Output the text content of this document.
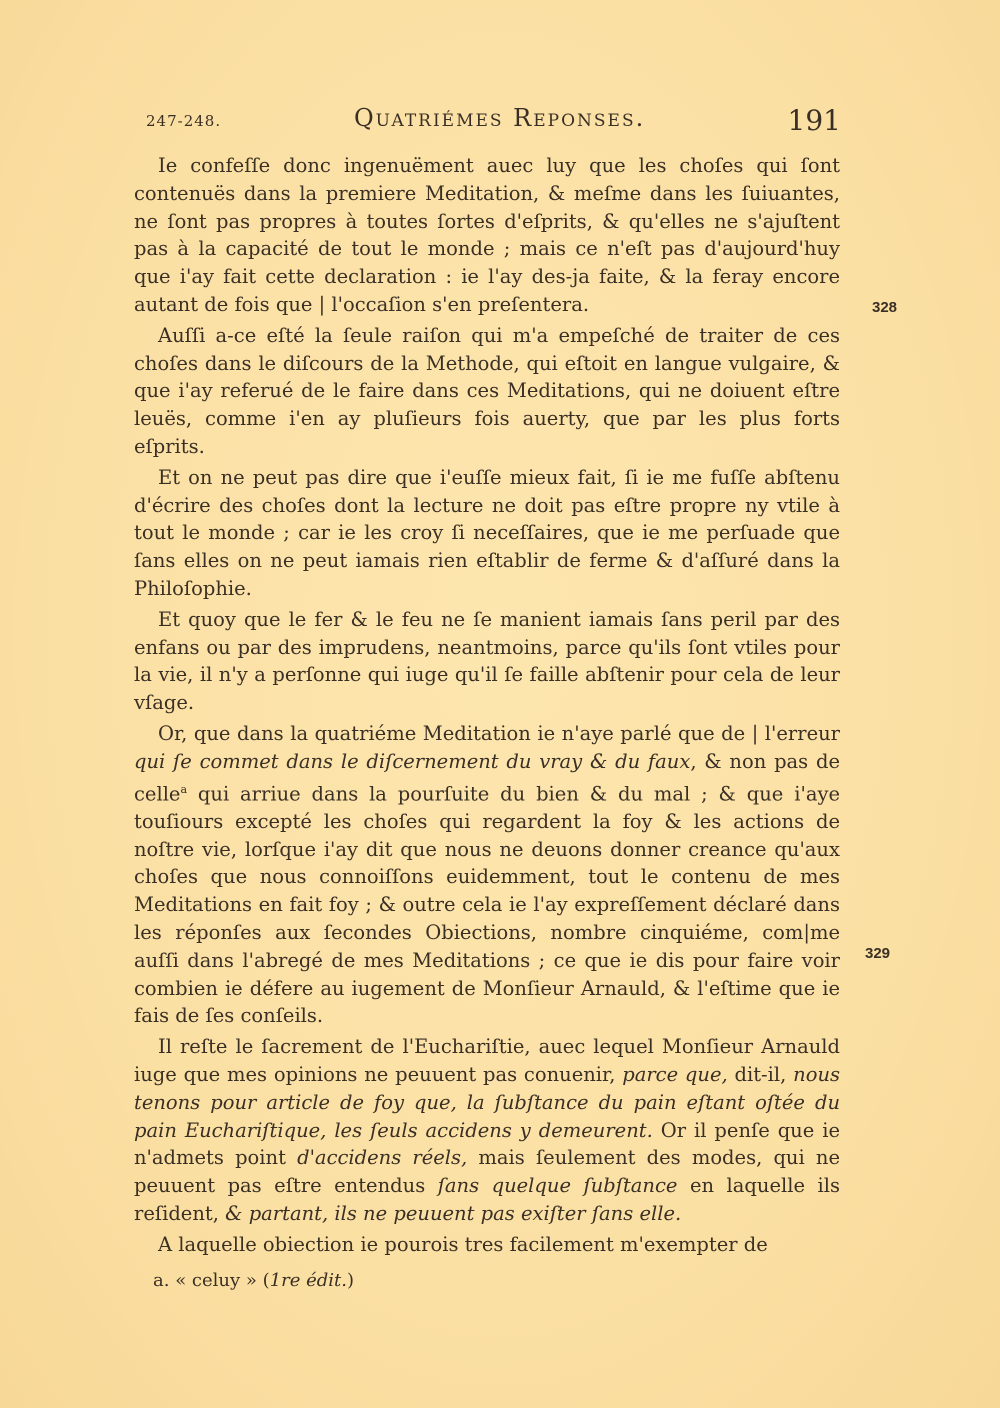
247-248.	Quatriémes Reponses.	191

Ie confeſſe donc ingenuëment auec luy que les choſes qui ſont contenuës dans la premiere Meditation, & meſme dans les ſuiuantes, ne ſont pas propres à toutes ſortes d'eſprits, & qu'elles ne s'ajuſtent pas à la capacité de tout le monde ; mais ce n'eſt pas d'aujourd'huy que i'ay fait cette declaration : ie l'ay des-ja faite, & la feray encore autant de fois que | l'occaſion s'en preſentera.

Auſſi a-ce eſté la ſeule raiſon qui m'a empeſché de traiter de ces choſes dans le diſcours de la Methode, qui eſtoit en langue vulgaire, & que i'ay referué de le faire dans ces Meditations, qui ne doiuent eſtre leuës, comme i'en ay pluſieurs fois auerty, que par les plus forts eſprits.

Et on ne peut pas dire que i'euſſe mieux fait, ſi ie me fuſſe abſtenu d'écrire des choſes dont la lecture ne doit pas eſtre propre ny vtile à tout le monde ; car ie les croy ſi neceſſaires, que ie me perſuade que ſans elles on ne peut iamais rien eſtablir de ferme & d'aſſuré dans la Philoſophie.

Et quoy que le fer & le feu ne ſe manient iamais ſans peril par des enfans ou par des imprudens, neantmoins, parce qu'ils ſont vtiles pour la vie, il n'y a perſonne qui iuge qu'il ſe faille abſtenir pour cela de leur vſage.

Or, que dans la quatriéme Meditation ie n'aye parlé que de | l'erreur qui ſe commet dans le diſcernement du vray & du faux, & non pas de celle$^a$ qui arriue dans la pourſuite du bien & du mal ; & que i'aye touſiours excepté les choſes qui regardent la foy & les actions de noſtre vie, lorſque i'ay dit que nous ne deuons donner creance qu'aux choſes que nous connoiſſons euidemment, tout le contenu de mes Meditations en fait foy ; & outre cela ie l'ay expreſſement déclaré dans les réponſes aux ſecondes Obiections, nombre cinquiéme, com|me auſſi dans l'abregé de mes Meditations ; ce que ie dis pour faire voir combien ie défere au iugement de Monſieur Arnauld, & l'eſtime que ie fais de ſes conſeils.

Il reſte le ſacrement de l'Euchariſtie, auec lequel Monſieur Arnauld iuge que mes opinions ne peuuent pas conuenir, parce que, dit-il, nous tenons pour article de foy que, la ſubſtance du pain eſtant oſtée du pain Euchariſtique, les ſeuls accidens y demeurent. Or il penſe que ie n'admets point d'accidens réels, mais ſeulement des modes, qui ne peuuent pas eſtre entendus ſans quelque ſubſtance en laquelle ils reſident, & partant, ils ne peuuent pas exiſter ſans elle.

A laquelle obiection ie pourois tres facilement m'exempter de

328
329
a. « celuy » (1re édit.)
